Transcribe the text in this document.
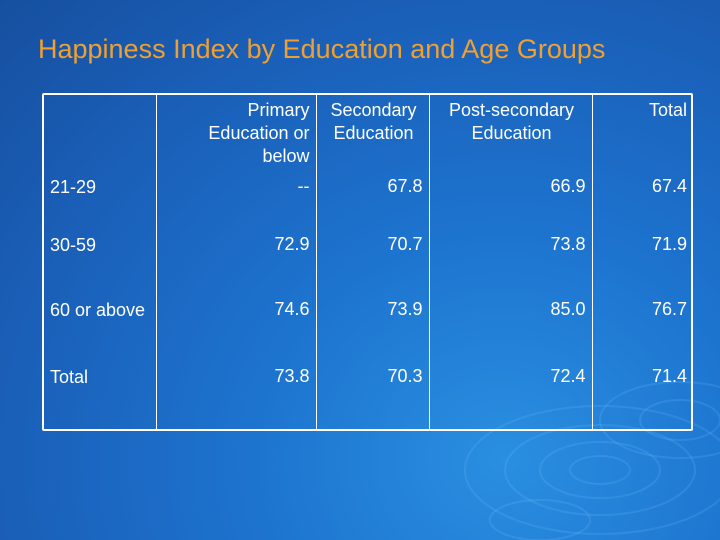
Happiness Index by Education and Age Groups
	Primary Education or below	Secondary Education	Post-secondary Education	Total
21-29	--	67.8	66.9	67.4
30-59	72.9	70.7	73.8	71.9
60 or above	74.6	73.9	85.0	76.7
Total	73.8	70.3	72.4	71.4
